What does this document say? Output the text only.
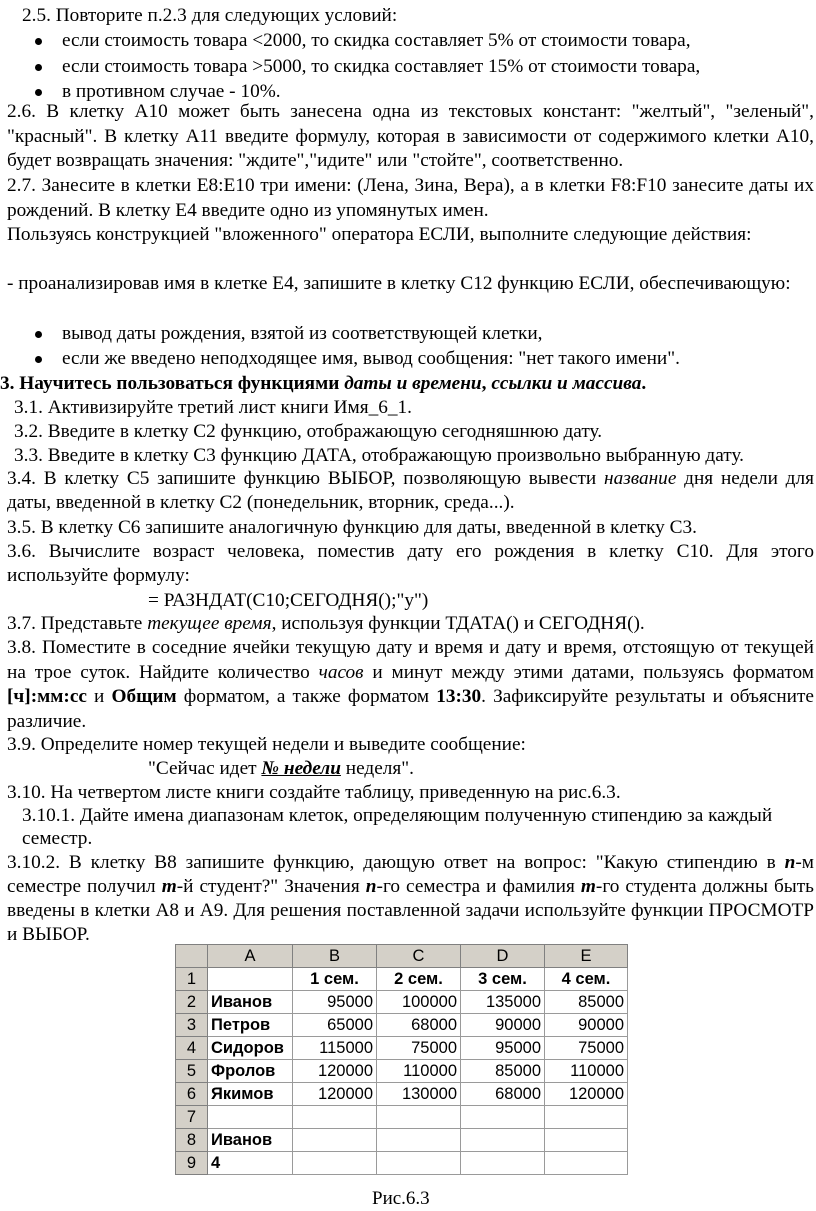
2.5. Повторите п.2.3 для следующих условий:

если стоимость товара <2000, то скидка составляет 5% от стоимости товара,
если стоимость товара >5000, то скидка составляет 15% от стоимости товара,
в противном случае - 10%.

2.6. В клетку А10 может быть занесена одна из текстовых констант: "желтый", "зеленый", "красный". В клетку А11 введите формулу, которая в зависимости от содержимого клетки А10, будет возвращать значения: "ждите","идите" или "стойте", соответственно.

2.7. Занесите в клетки Е8:Е10 три имени: (Лена, Зина, Вера), а в клетки F8:F10 занесите даты их рождений. В клетку Е4 введите одно из упомянутых имен.

Пользуясь конструкцией "вложенного" оператора ЕСЛИ, выполните следующие действия:

- проанализировав имя в клетке Е4, запишите в клетку С12 функцию ЕСЛИ, обеспечивающую:

вывод даты рождения, взятой из соответствующей клетки,
если же введено неподходящее имя, вывод сообщения: "нет такого имени".

3. Научитесь пользоваться функциями даты и времени, ссылки и массива.

3.1. Активизируйте третий лист книги Имя_6_1.

3.2. Введите в клетку С2 функцию, отображающую сегодняшнюю дату.

3.3. Введите в клетку С3 функцию ДАТА, отображающую произвольно выбранную дату.

3.4. В клетку С5 запишите функцию ВЫБОР, позволяющую вывести название дня недели для даты, введенной в клетку С2 (понедельник, вторник, среда...).

3.5. В клетку С6 запишите аналогичную функцию для даты, введенной в клетку С3.

3.6. Вычислите возраст человека, поместив дату его рождения в клетку С10. Для этого используйте формулу:

= РАЗНДАТ(С10;СЕГОДНЯ();"y")

3.7. Представьте текущее время, используя функции ТДАТА() и СЕГОДНЯ().

3.8. Поместите в соседние ячейки текущую дату и время и дату и время, отстоящую от текущей на трое суток. Найдите количество часов и минут между этими датами, пользуясь форматом [ч]:мм:сс и Общим форматом, а также форматом 13:30. Зафиксируйте результаты и объясните различие.

3.9. Определите номер текущей недели и выведите сообщение:

"Сейчас идет № недели неделя".

3.10. На четвертом листе книги создайте таблицу, приведенную на рис.6.3.

3.10.1. Дайте имена диапазонам клеток, определяющим полученную стипендию за каждый семестр.

3.10.2. В клетку В8 запишите функцию, дающую ответ на вопрос: "Какую стипендию в n-м семестре получил m-й студент?" Значения n-го семестра и фамилия m-го студента должны быть введены в клетки А8 и А9. Для решения поставленной задачи используйте функции ПРОСМОТР и ВЫБОР.

	A	B	C	D	E
1		1 сем.	2 сем.	3 сем.	4 сем.
2	Иванов	95000	100000	135000	85000
3	Петров	65000	68000	90000	90000
4	Сидоров	115000	75000	95000	75000
5	Фролов	120000	110000	85000	110000
6	Якимов	120000	130000	68000	120000
7					
8	Иванов				
9	4				
Рис.6.3
